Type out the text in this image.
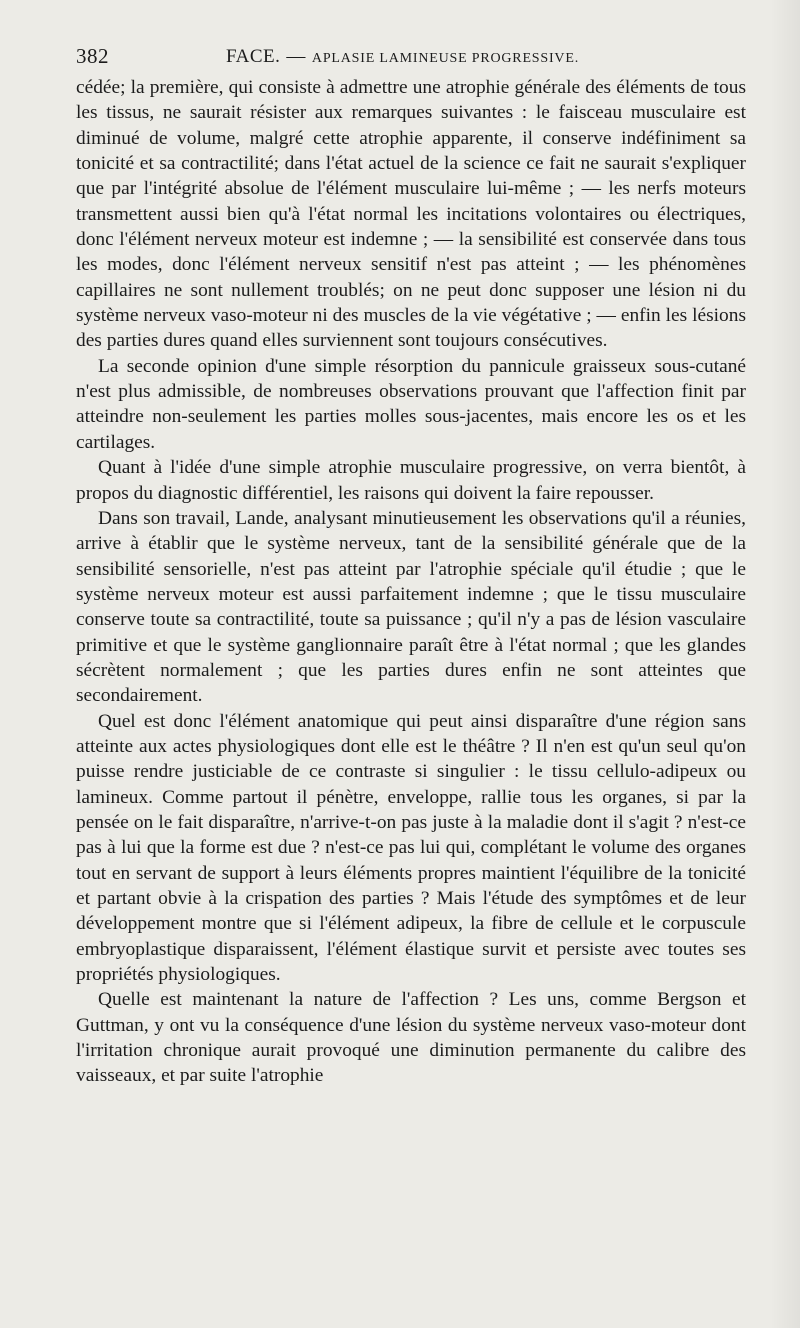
382	FACE. — APLASIE LAMINEUSE PROGRESSIVE.

cédée; la première, qui consiste à admettre une atrophie générale des éléments de tous les tissus, ne saurait résister aux remarques suivantes : le faisceau musculaire est diminué de volume, malgré cette atrophie apparente, il conserve indéfiniment sa tonicité et sa contractilité; dans l'état actuel de la science ce fait ne saurait s'expliquer que par l'intégrité absolue de l'élément musculaire lui-même ; — les nerfs moteurs transmettent aussi bien qu'à l'état normal les incitations volontaires ou électriques, donc l'élément nerveux moteur est indemne ; — la sensibilité est conservée dans tous les modes, donc l'élément nerveux sensitif n'est pas atteint ; — les phénomènes capillaires ne sont nullement troublés; on ne peut donc supposer une lésion ni du système nerveux vaso-moteur ni des muscles de la vie végétative ; — enfin les lésions des parties dures quand elles surviennent sont toujours consécutives.

La seconde opinion d'une simple résorption du pannicule graisseux sous-cutané n'est plus admissible, de nombreuses observations prouvant que l'affection finit par atteindre non-seulement les parties molles sous-jacentes, mais encore les os et les cartilages.

Quant à l'idée d'une simple atrophie musculaire progressive, on verra bientôt, à propos du diagnostic différentiel, les raisons qui doivent la faire repousser.

Dans son travail, Lande, analysant minutieusement les observations qu'il a réunies, arrive à établir que le système nerveux, tant de la sensibilité générale que de la sensibilité sensorielle, n'est pas atteint par l'atrophie spéciale qu'il étudie ; que le système nerveux moteur est aussi parfaitement indemne ; que le tissu musculaire conserve toute sa contractilité, toute sa puissance ; qu'il n'y a pas de lésion vasculaire primitive et que le système ganglionnaire paraît être à l'état normal ; que les glandes sécrètent normalement ; que les parties dures enfin ne sont atteintes que secondairement.

Quel est donc l'élément anatomique qui peut ainsi disparaître d'une région sans atteinte aux actes physiologiques dont elle est le théâtre ? Il n'en est qu'un seul qu'on puisse rendre justiciable de ce contraste si singulier : le tissu cellulo-adipeux ou lamineux. Comme partout il pénètre, enveloppe, rallie tous les organes, si par la pensée on le fait disparaître, n'arrive-t-on pas juste à la maladie dont il s'agit ? n'est-ce pas à lui que la forme est due ? n'est-ce pas lui qui, complétant le volume des organes tout en servant de support à leurs éléments propres maintient l'équilibre de la tonicité et partant obvie à la crispation des parties ? Mais l'étude des symptômes et de leur développement montre que si l'élément adipeux, la fibre de cellule et le corpuscule embryoplastique disparaissent, l'élément élastique survit et persiste avec toutes ses propriétés physiologiques.

Quelle est maintenant la nature de l'affection ? Les uns, comme Bergson et Guttman, y ont vu la conséquence d'une lésion du système nerveux vaso-moteur dont l'irritation chronique aurait provoqué une diminution permanente du calibre des vaisseaux, et par suite l'atrophie
